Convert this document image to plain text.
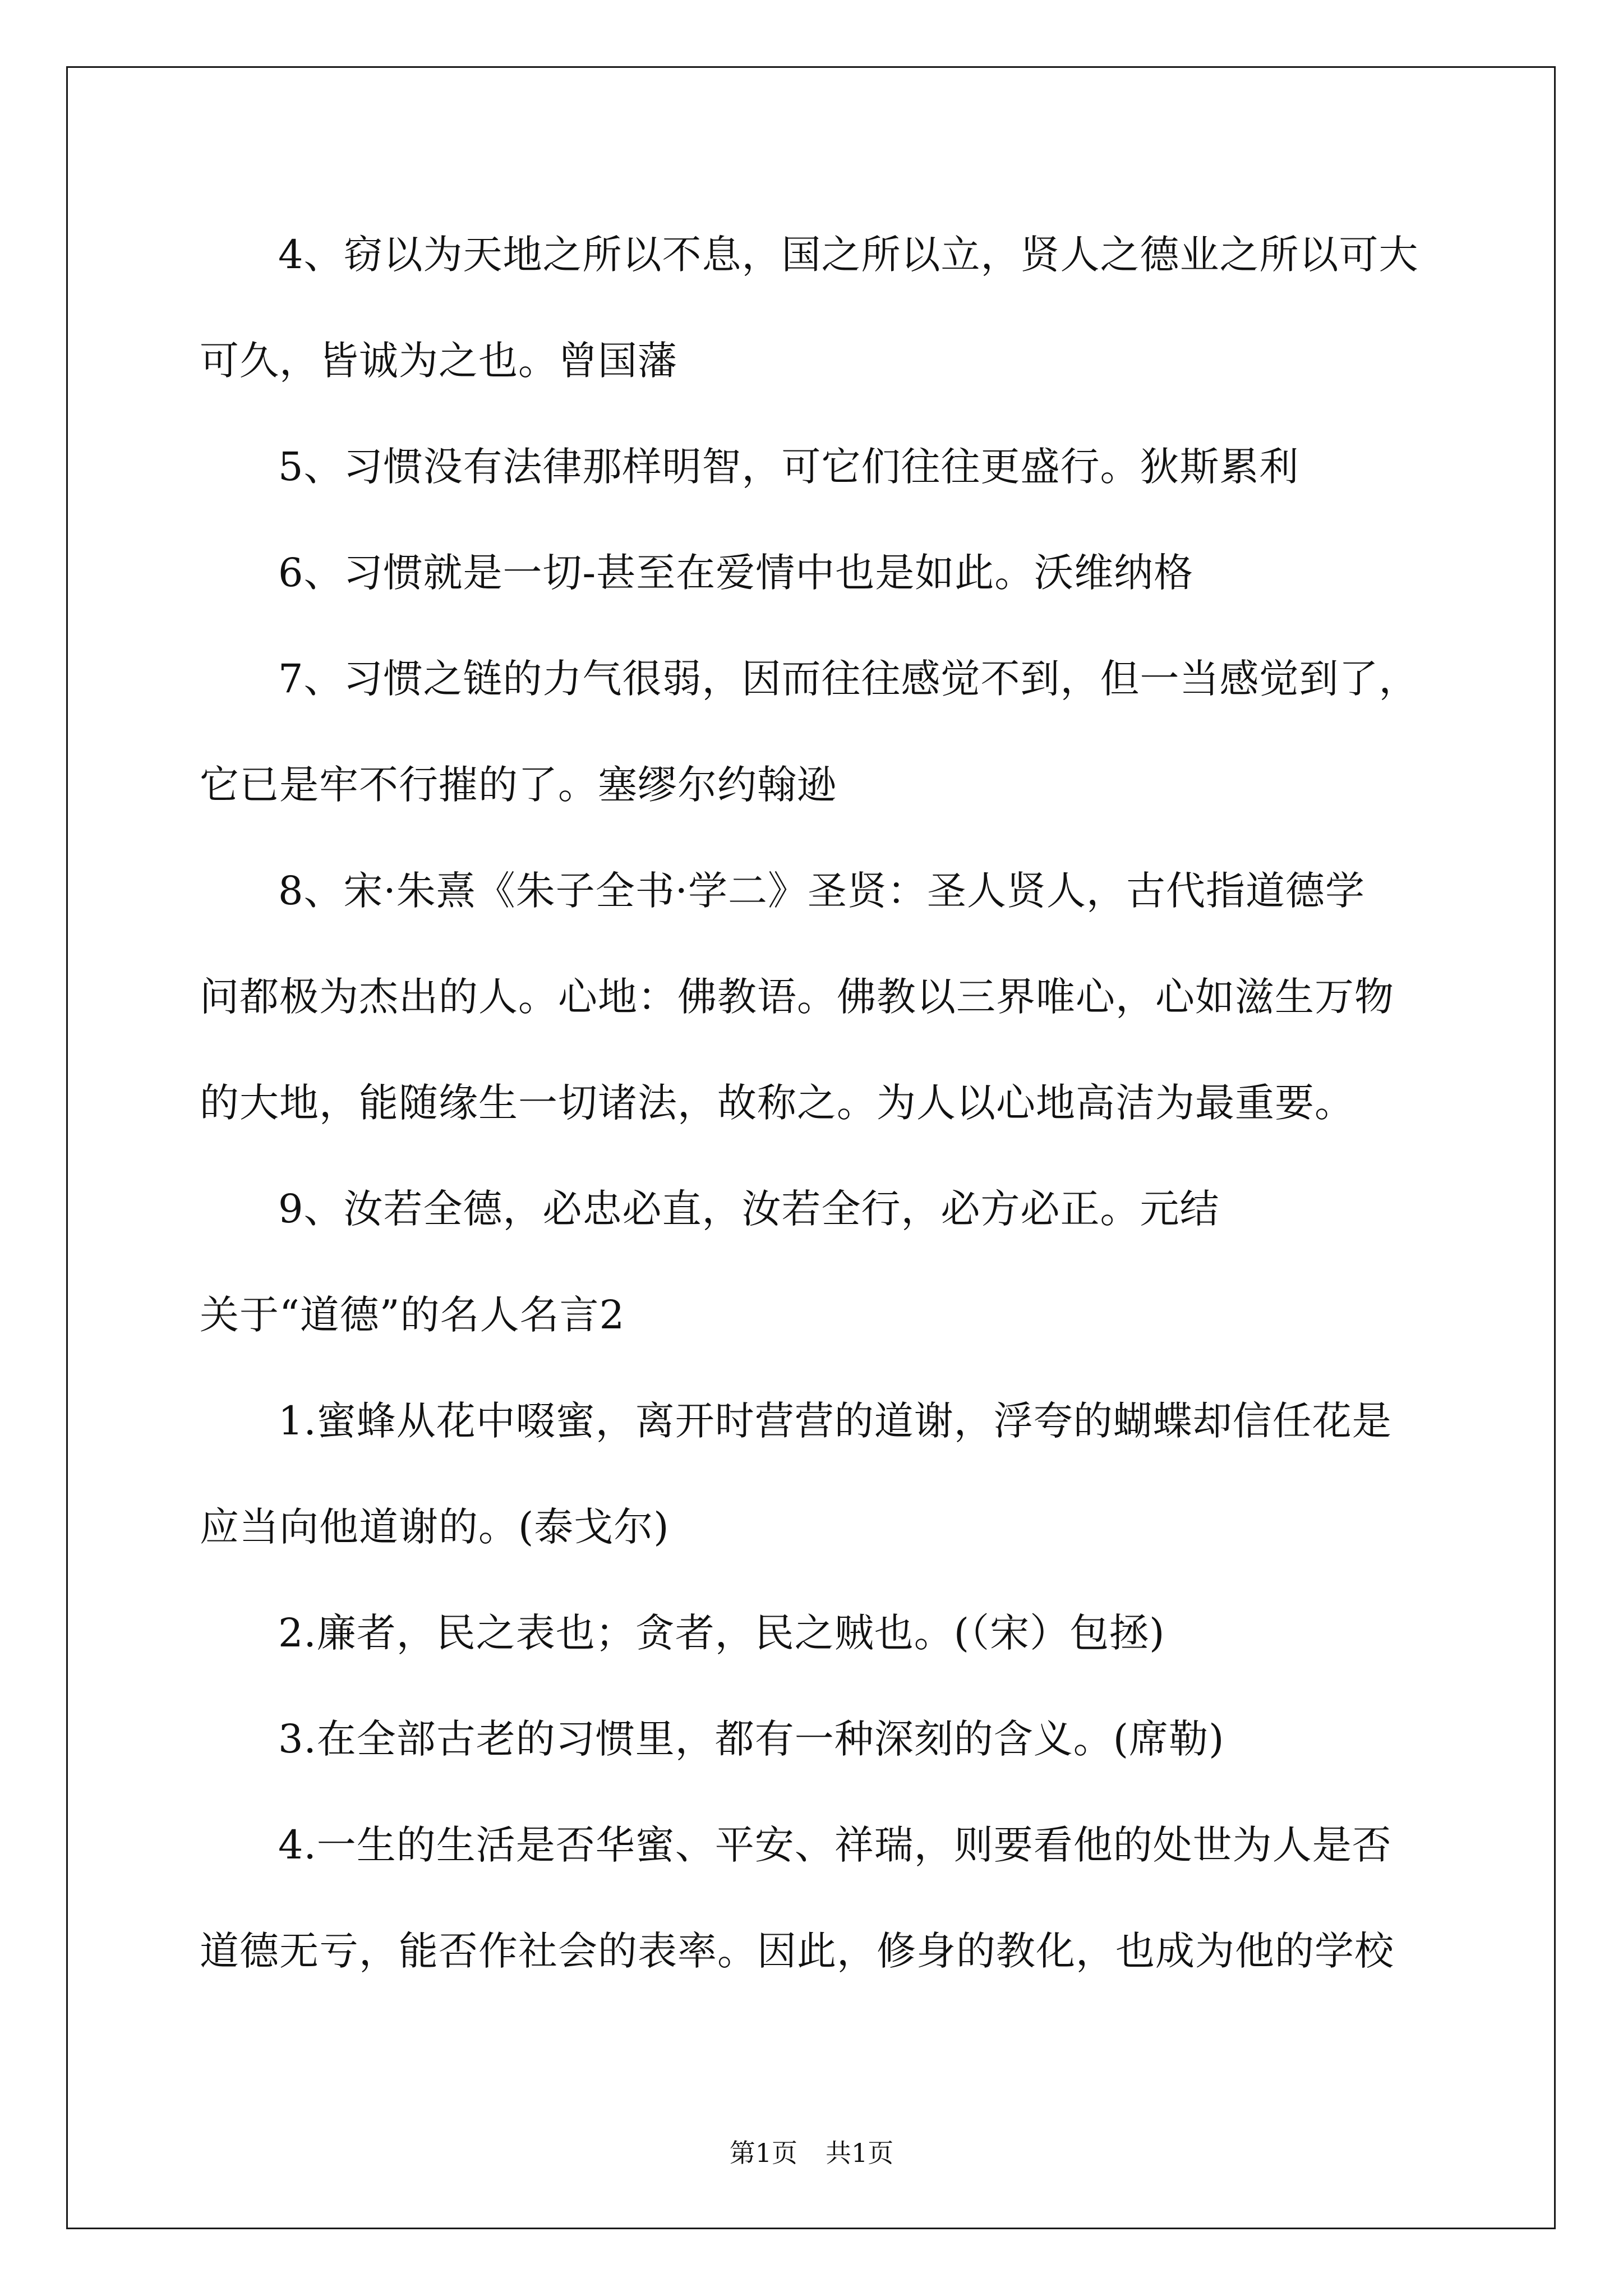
4、窃以为天地之所以不息，国之所以立，贤人之德业之所以可大

可久，皆诚为之也。曾国藩

5、习惯没有法律那样明智，可它们往往更盛行。狄斯累利

6、习惯就是一切-甚至在爱情中也是如此。沃维纳格

7、习惯之链的力气很弱，因而往往感觉不到，但一当感觉到了，

它已是牢不行摧的了。塞缪尔约翰逊

8、宋·朱熹《朱子全书·学二》圣贤：圣人贤人，古代指道德学

问都极为杰出的人。心地：佛教语。佛教以三界唯心，心如滋生万物

的大地，能随缘生一切诸法，故称之。为人以心地高洁为最重要。

9、汝若全德，必忠必直，汝若全行，必方必正。元结

关于“道德”的名人名言2

1.蜜蜂从花中啜蜜，离开时营营的道谢，浮夸的蝴蝶却信任花是

应当向他道谢的。(泰戈尔)

2.廉者，民之表也；贪者，民之贼也。(（宋）包拯)

3.在全部古老的习惯里，都有一种深刻的含义。(席勒)

4.一生的生活是否华蜜、平安、祥瑞，则要看他的处世为人是否

道德无亏，能否作社会的表率。因此，修身的教化，也成为他的学校

第1页 共1页
